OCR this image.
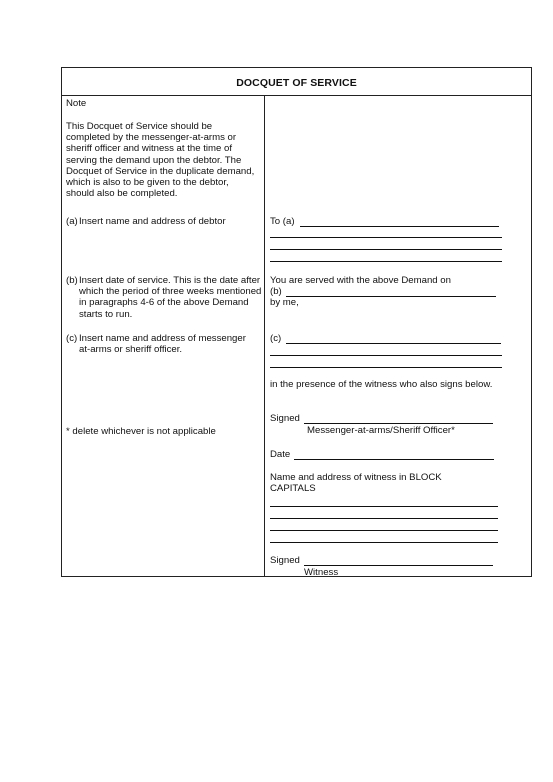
DOCQUET OF SERVICE
Note
This Docquet of Service should be completed by the messenger-at-arms or sheriff officer and witness at the time of serving the demand upon the debtor. The Docquet of Service in the duplicate demand, which is also to be given to the debtor, should also be completed.
(a) Insert name and address of debtor
(b) Insert date of service. This is the date after which the period of three weeks mentioned in paragraphs 4-6 of the above Demand starts to run.
(c) Insert name and address of messenger at-arms or sheriff officer.
* delete whichever is not applicable
To (a)
You are served with the above Demand on
(b)
by me,
(c)
in the presence of the witness who also signs below.
Signed
Messenger-at-arms/Sheriff Officer*
Date
Name and address of witness in BLOCK CAPITALS
Signed
Witness
